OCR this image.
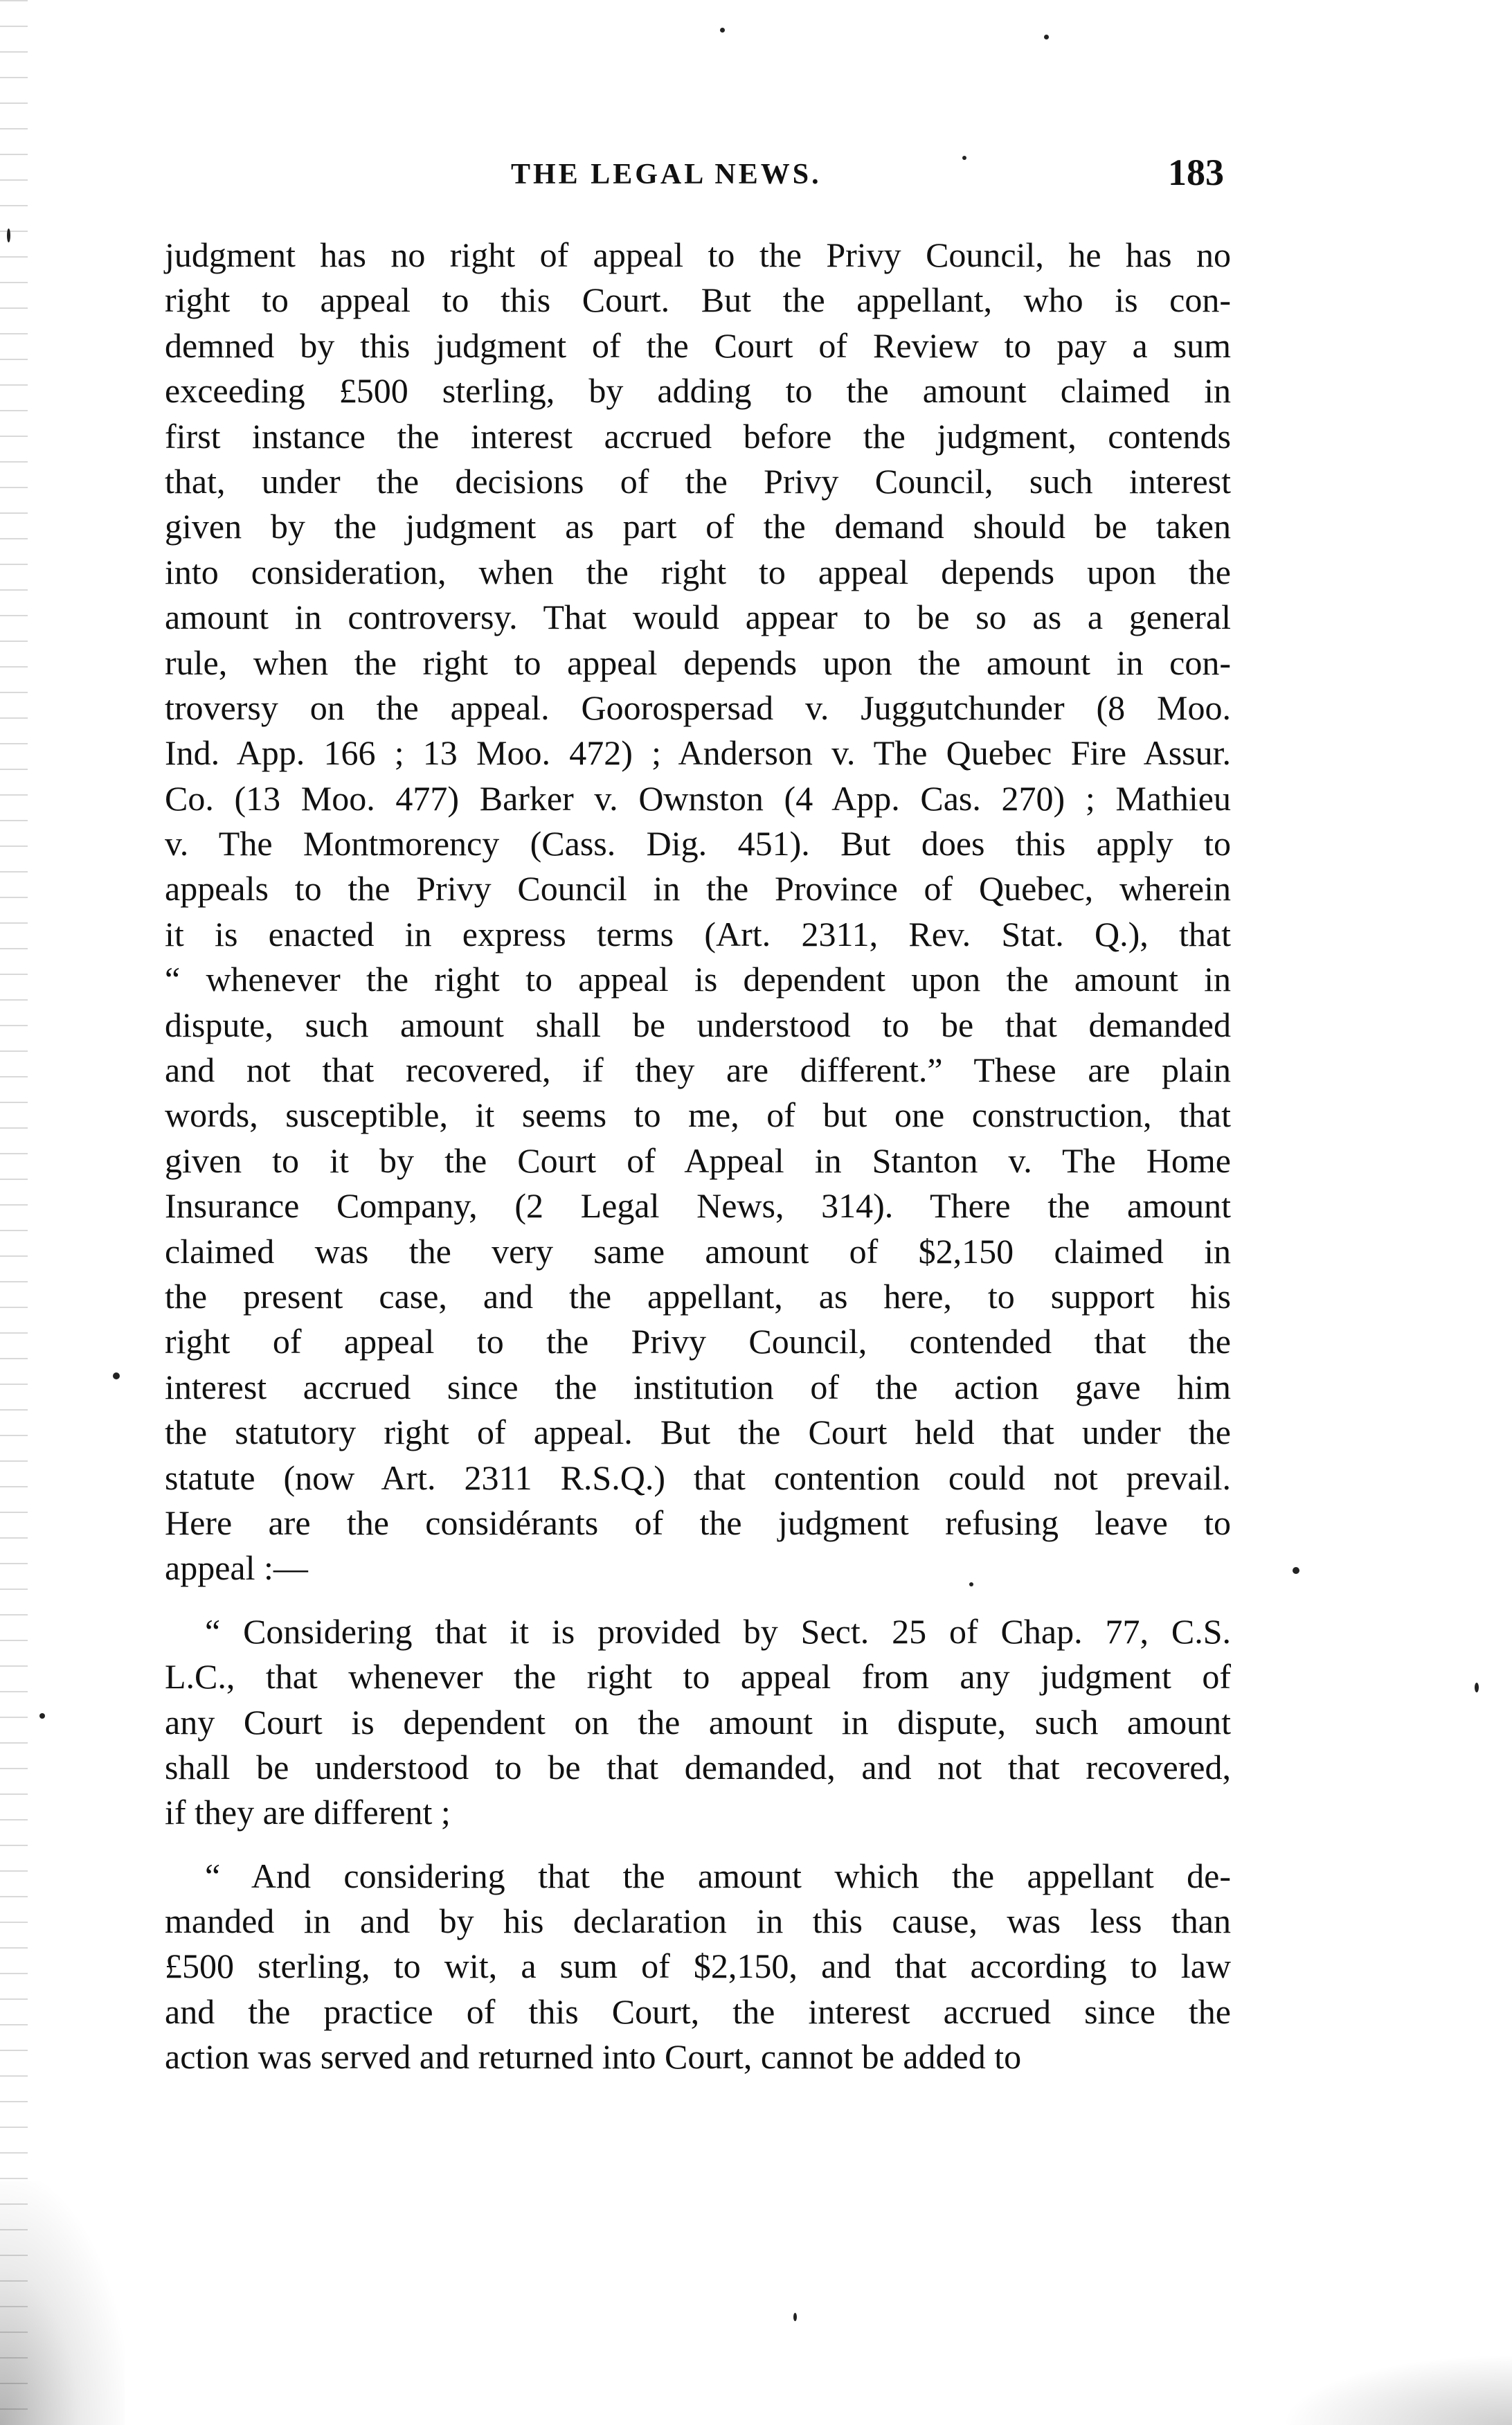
THE LEGAL NEWS.	183
judgment has no right of appeal to the Privy Council, he has no
right to appeal to this Court. But the appellant, who is con-
demned by this judgment of the Court of Review to pay a sum
exceeding £500 sterling, by adding to the amount claimed in
first instance the interest accrued before the judgment, contends
that, under the decisions of the Privy Council, such interest
given by the judgment as part of the demand should be taken
into consideration, when the right to appeal depends upon the
amount in controversy. That would appear to be so as a general
rule, when the right to appeal depends upon the amount in con-
troversy on the appeal. Goorospersad v. Juggutchunder (8 Moo.
Ind. App. 166 ; 13 Moo. 472) ; Anderson v. The Quebec Fire Assur.
Co. (13 Moo. 477) Barker v. Ownston (4 App. Cas. 270) ; Mathieu
v. The Montmorency (Cass. Dig. 451). But does this apply to
appeals to the Privy Council in the Province of Quebec, wherein
it is enacted in express terms (Art. 2311, Rev. Stat. Q.), that
“ whenever the right to appeal is dependent upon the amount in
dispute, such amount shall be understood to be that demanded
and not that recovered, if they are different.” These are plain
words, susceptible, it seems to me, of but one construction, that
given to it by the Court of Appeal in Stanton v. The Home
Insurance Company, (2 Legal News, 314). There the amount
claimed was the very same amount of $2,150 claimed in
the present case, and the appellant, as here, to support his
right of appeal to the Privy Council, contended that the
interest accrued since the institution of the action gave him
the statutory right of appeal. But the Court held that under the
statute (now Art. 2311 R.S.Q.) that contention could not prevail.
Here are the considérants of the judgment refusing leave to
appeal :—
“ Considering that it is provided by Sect. 25 of Chap. 77, C.S.
L.C., that whenever the right to appeal from any judgment of
any Court is dependent on the amount in dispute, such amount
shall be understood to be that demanded, and not that recovered,
if they are different ;
“ And considering that the amount which the appellant de-
manded in and by his declaration in this cause, was less than
£500 sterling, to wit, a sum of $2,150, and that according to law
and the practice of this Court, the interest accrued since the
action was served and returned into Court, cannot be added to
